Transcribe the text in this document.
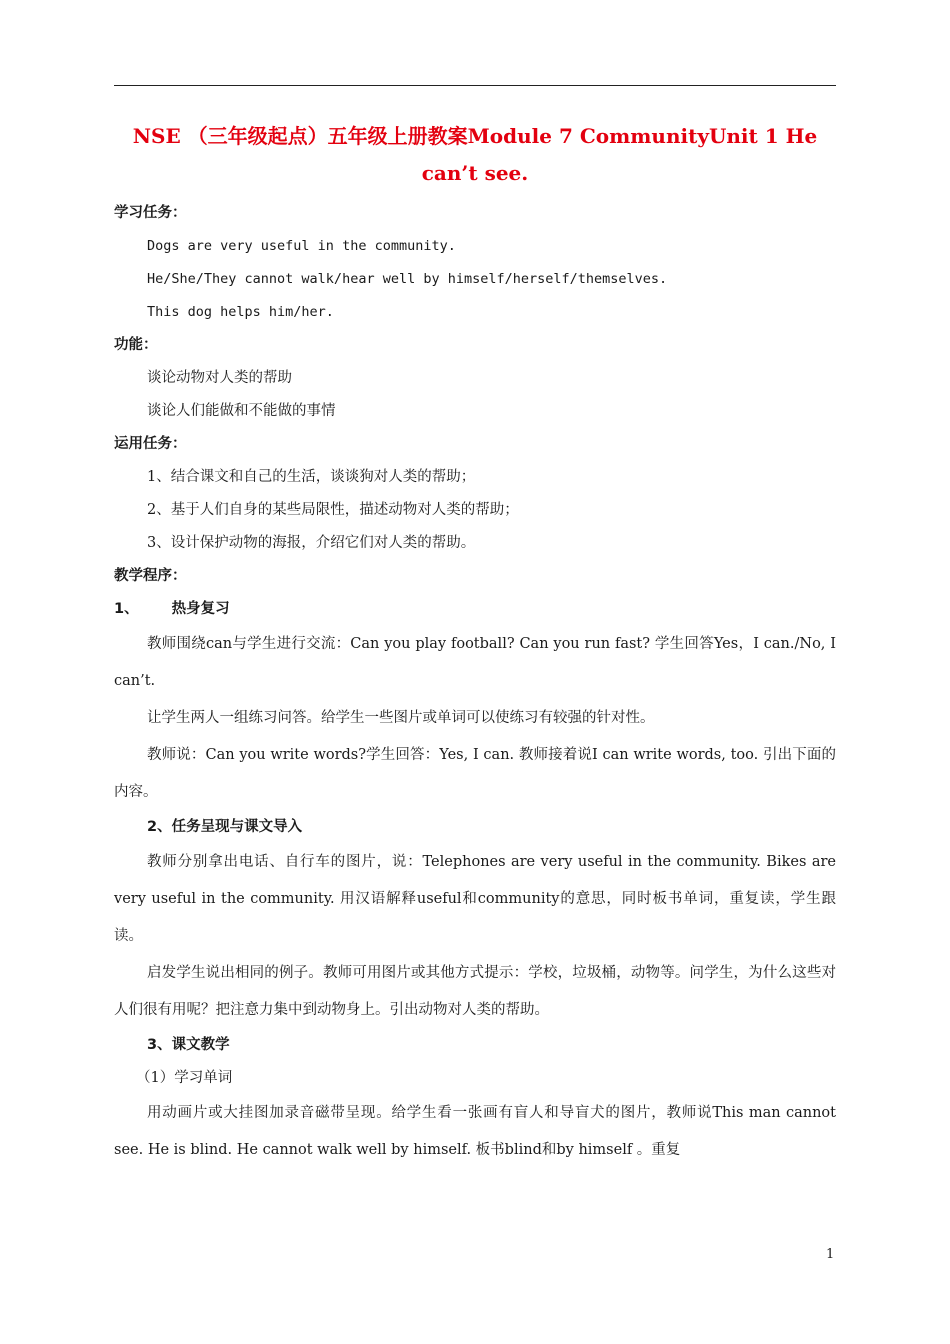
NSE （三年级起点）五年级上册教案Module 7 CommunityUnit 1 He can’t see.
学习任务：
Dogs are very useful in the community.
He/She/They cannot walk/hear well by himself/herself/themselves.
This dog helps him/her.
功能：
谈论动物对人类的帮助
谈论人们能做和不能做的事情
运用任务：
1、结合课文和自己的生活，谈谈狗对人类的帮助；
2、基于人们自身的某些局限性，描述动物对人类的帮助；
3、设计保护动物的海报，介绍它们对人类的帮助。
教学程序：
1、 热身复习

教师围绕can与学生进行交流：Can you play football? Can you run fast? 学生回答Yes，I can./No, I can’t.

让学生两人一组练习问答。给学生一些图片或单词可以使练习有较强的针对性。

教师说：Can you write words?学生回答：Yes, I can. 教师接着说I can write words, too. 引出下面的内容。

2、任务呈现与课文导入

教师分别拿出电话、自行车的图片，说：Telephones are very useful in the community. Bikes are very useful in the community. 用汉语解释useful和community的意思，同时板书单词，重复读，学生跟读。

启发学生说出相同的例子。教师可用图片或其他方式提示：学校，垃圾桶，动物等。问学生，为什么这些对人们很有用呢？把注意力集中到动物身上。引出动物对人类的帮助。

3、课文教学
（1）学习单词

用动画片或大挂图加录音磁带呈现。给学生看一张画有盲人和导盲犬的图片，教师说This man cannot see. He is blind. He cannot walk well by himself. 板书blind和by himself 。重复

1
